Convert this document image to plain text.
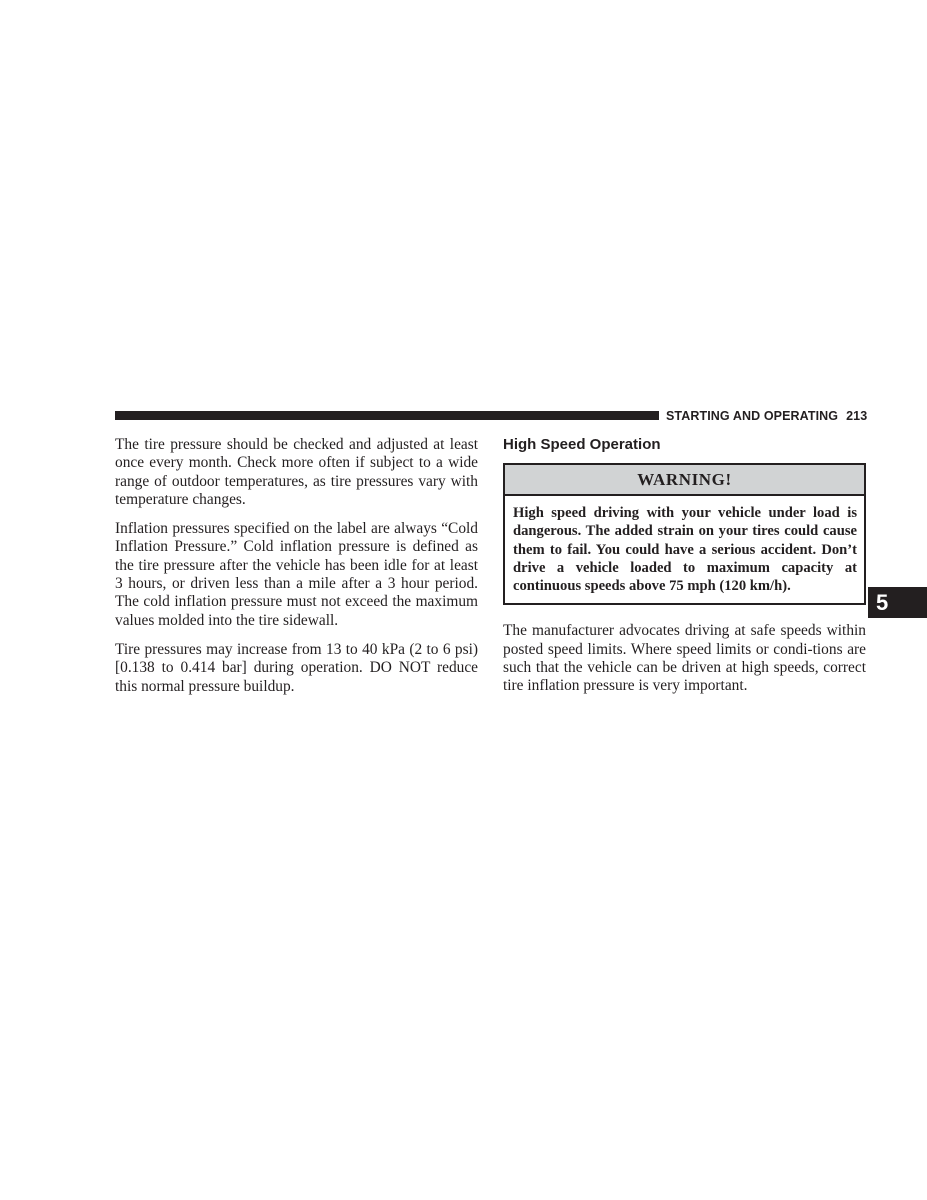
STARTING AND OPERATING 213

The tire pressure should be checked and adjusted at least once every month. Check more often if subject to a wide range of outdoor temperatures, as tire pressures vary with temperature changes.

Inflation pressures specified on the label are always “Cold Inflation Pressure.” Cold inflation pressure is defined as the tire pressure after the vehicle has been idle for at least 3 hours, or driven less than a mile after a 3 hour period. The cold inflation pressure must not exceed the maximum values molded into the tire sidewall.

Tire pressures may increase from 13 to 40 kPa (2 to 6 psi) [0.138 to 0.414 bar] during operation. DO NOT reduce this normal pressure buildup.

High Speed Operation
WARNING!
High speed driving with your vehicle under load is dangerous. The added strain on your tires could cause them to fail. You could have a serious accident. Don’t drive a vehicle loaded to maximum capacity at continuous speeds above 75 mph (120 km/h).

The manufacturer advocates driving at safe speeds within posted speed limits. Where speed limits or condi-tions are such that the vehicle can be driven at high speeds, correct tire inflation pressure is very important.

5
